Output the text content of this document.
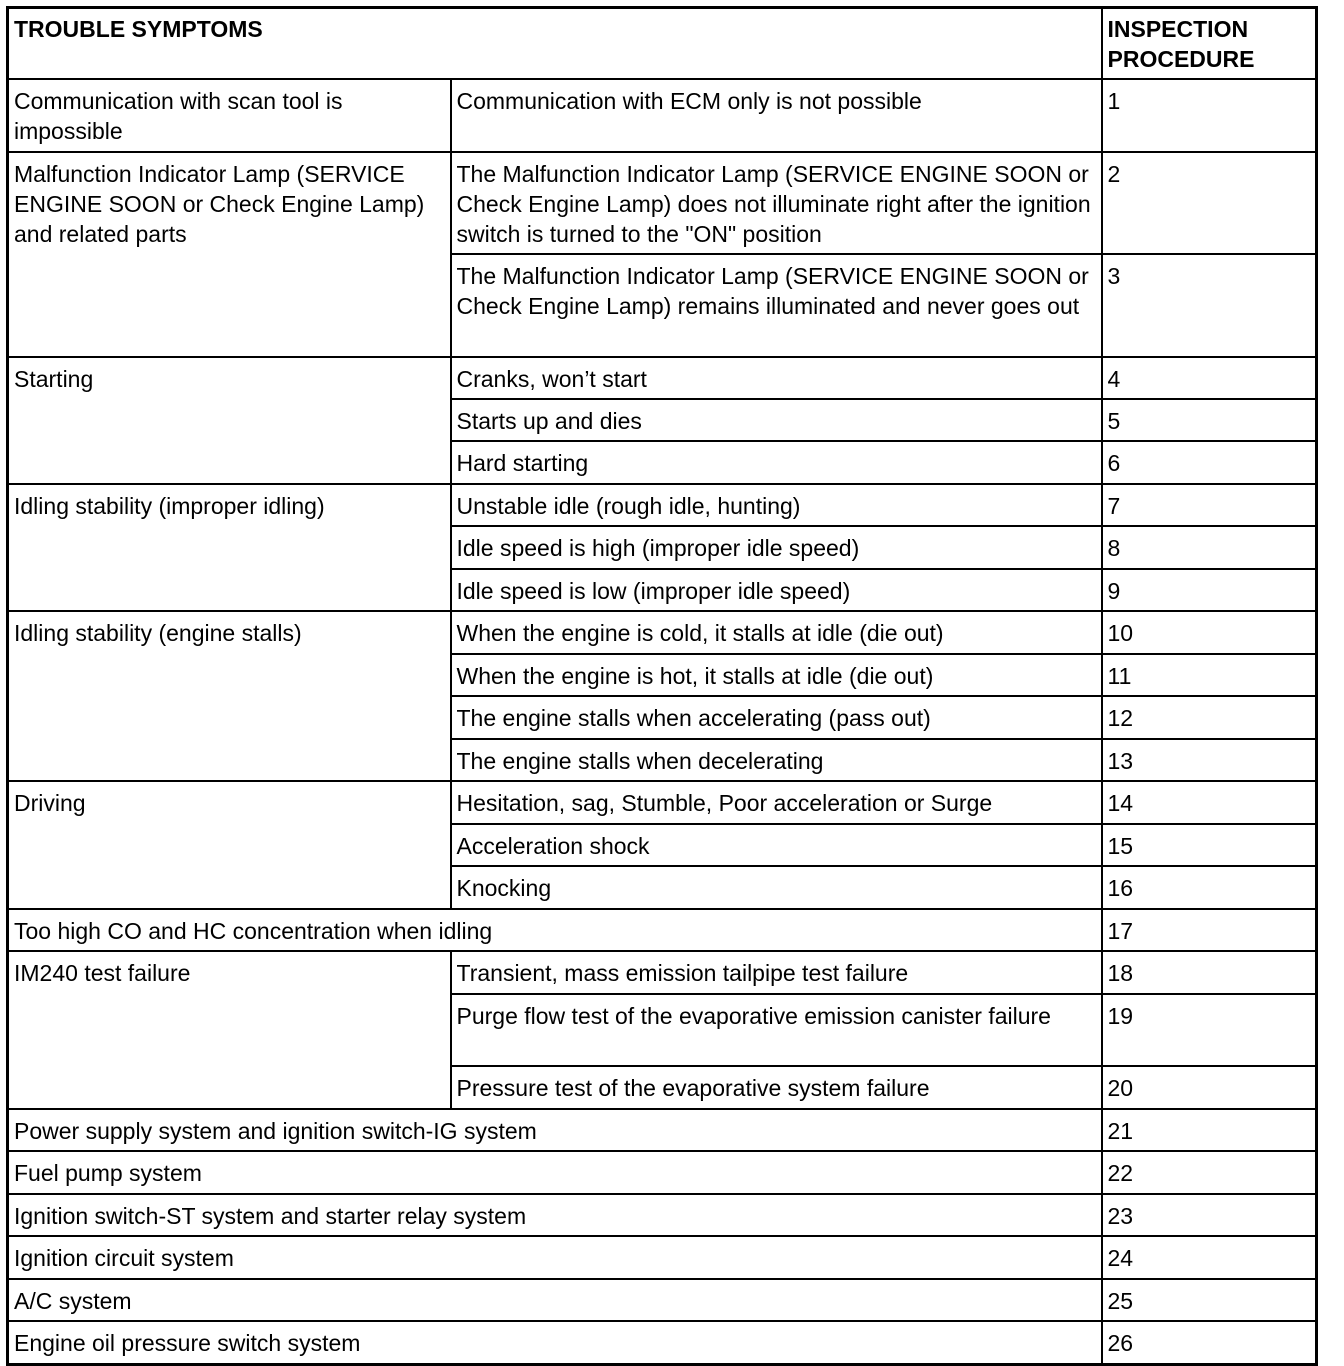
TROUBLE SYMPTOMS		INSPECTION PROCEDURE
Communication with scan tool is impossible	Communication with ECM only is not possible	1
Malfunction Indicator Lamp (SERVICE ENGINE SOON or Check Engine Lamp) and related parts	The Malfunction Indicator Lamp (SERVICE ENGINE SOON or Check Engine Lamp) does not illuminate right after the ignition switch is turned to the "ON" position	2
	The Malfunction Indicator Lamp (SERVICE ENGINE SOON or Check Engine Lamp) remains illuminated and never goes out	3
Starting	Cranks, won’t start	4
	Starts up and dies	5
	Hard starting	6
Idling stability (improper idling)	Unstable idle (rough idle, hunting)	7
	Idle speed is high (improper idle speed)	8
	Idle speed is low (improper idle speed)	9
Idling stability (engine stalls)	When the engine is cold, it stalls at idle (die out)	10
	When the engine is hot, it stalls at idle (die out)	11
	The engine stalls when accelerating (pass out)	12
	The engine stalls when decelerating	13
Driving	Hesitation, sag, Stumble, Poor acceleration or Surge	14
	Acceleration shock	15
	Knocking	16
Too high CO and HC concentration when idling		17
IM240 test failure	Transient, mass emission tailpipe test failure	18
	Purge flow test of the evaporative emission canister failure	19
	Pressure test of the evaporative system failure	20
Power supply system and ignition switch-IG system		21
Fuel pump system		22
Ignition switch-ST system and starter relay system		23
Ignition circuit system		24
A/C system		25
Engine oil pressure switch system		26
